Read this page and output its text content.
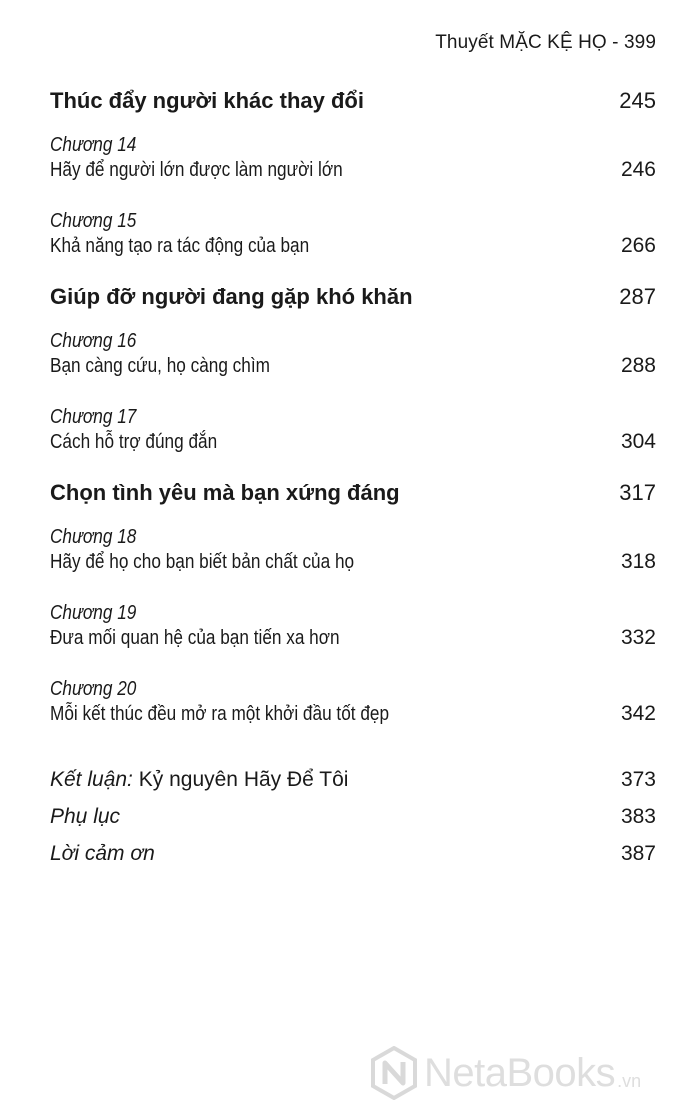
Thuyết MẶC KỆ HỌ - 399
Thúc đẩy người khác thay đổi	245
Chương 14
Hãy để người lớn được làm người lớn	246
Chương 15
Khả năng tạo ra tác động của bạn	266
Giúp đỡ người đang gặp khó khăn	287
Chương 16
Bạn càng cứu, họ càng chìm	288
Chương 17
Cách hỗ trợ đúng đắn	304
Chọn tình yêu mà bạn xứng đáng	317
Chương 18
Hãy để họ cho bạn biết bản chất của họ	318
Chương 19
Đưa mối quan hệ của bạn tiến xa hơn	332
Chương 20
Mỗi kết thúc đều mở ra một khởi đầu tốt đẹp	342
Kết luận: Kỷ nguyên Hãy Để Tôi	373
Phụ lục	383
Lời cảm ơn	387
NetaBooks .vn
